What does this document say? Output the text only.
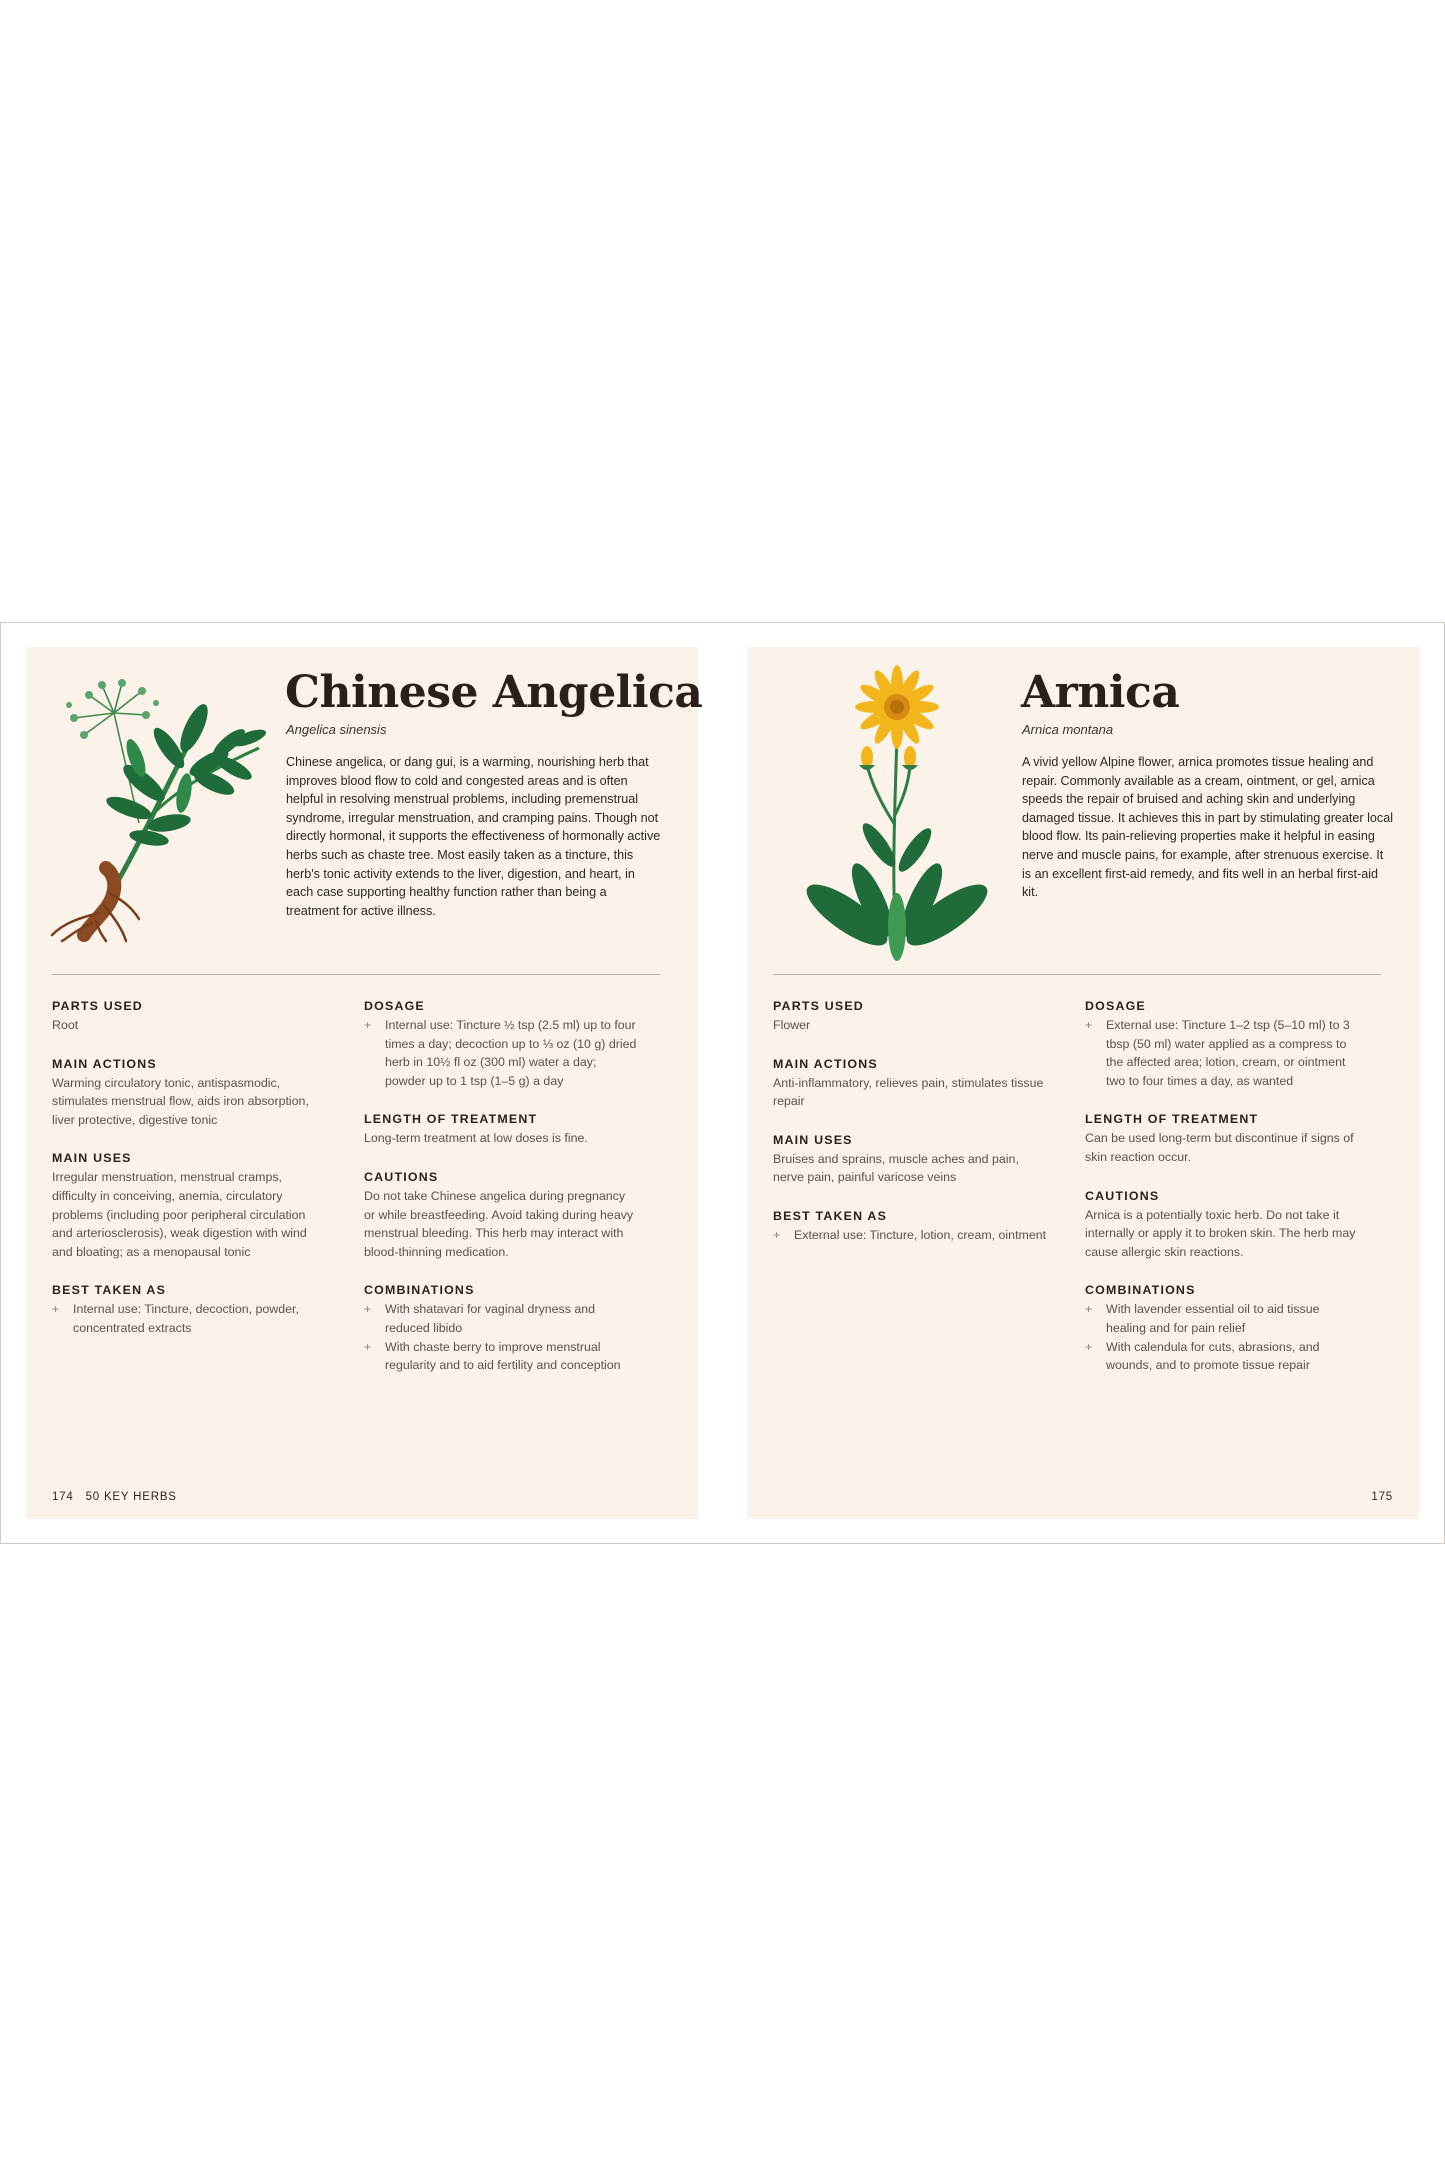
Chinese Angelica
Angelica sinensis

Chinese angelica, or dang gui, is a warming, nourishing herb that improves blood flow to cold and congested areas and is often helpful in resolving menstrual problems, including premenstrual syndrome, irregular menstruation, and cramping pains. Though not directly hormonal, it supports the effectiveness of hormonally active herbs such as chaste tree. Most easily taken as a tincture, this herb's tonic activity extends to the liver, digestion, and heart, in each case supporting healthy function rather than being a treatment for active illness.

PARTS USED

Root

MAIN ACTIONS

Warming circulatory tonic, antispasmodic, stimulates menstrual flow, aids iron absorption, liver protective, digestive tonic

MAIN USES

Irregular menstruation, menstrual cramps, difficulty in conceiving, anemia, circulatory problems (including poor peripheral circulation and arteriosclerosis), weak digestion with wind and bloating; as a menopausal tonic

BEST TAKEN AS
+ Internal use: Tincture, decoction, powder, concentrated extracts
DOSAGE
+ Internal use: Tincture ½ tsp (2.5 ml) up to four times a day; decoction up to ⅓ oz (10 g) dried herb in 10½ fl oz (300 ml) water a day; powder up to 1 tsp (1–5 g) a day
LENGTH OF TREATMENT

Long-term treatment at low doses is fine.

CAUTIONS

Do not take Chinese angelica during pregnancy or while breastfeeding. Avoid taking during heavy menstrual bleeding. This herb may interact with blood-thinning medication.

COMBINATIONS
+ With shatavari for vaginal dryness and reduced libido
+ With chaste berry to improve menstrual regularity and to aid fertility and conception
174   50 KEY HERBS
Arnica
Arnica montana

A vivid yellow Alpine flower, arnica promotes tissue healing and repair. Commonly available as a cream, ointment, or gel, arnica speeds the repair of bruised and aching skin and underlying damaged tissue. It achieves this in part by stimulating greater local blood flow. Its pain-relieving properties make it helpful in easing nerve and muscle pains, for example, after strenuous exercise. It is an excellent first-aid remedy, and fits well in an herbal first-aid kit.

PARTS USED

Flower

MAIN ACTIONS

Anti-inflammatory, relieves pain, stimulates tissue repair

MAIN USES

Bruises and sprains, muscle aches and pain, nerve pain, painful varicose veins

BEST TAKEN AS
+ External use: Tincture, lotion, cream, ointment
DOSAGE
+ External use: Tincture 1–2 tsp (5–10 ml) to 3 tbsp (50 ml) water applied as a compress to the affected area; lotion, cream, or ointment two to four times a day, as wanted
LENGTH OF TREATMENT

Can be used long-term but discontinue if signs of skin reaction occur.

CAUTIONS

Arnica is a potentially toxic herb. Do not take it internally or apply it to broken skin. The herb may cause allergic skin reactions.

COMBINATIONS
+ With lavender essential oil to aid tissue healing and for pain relief
+ With calendula for cuts, abrasions, and wounds, and to promote tissue repair
175
